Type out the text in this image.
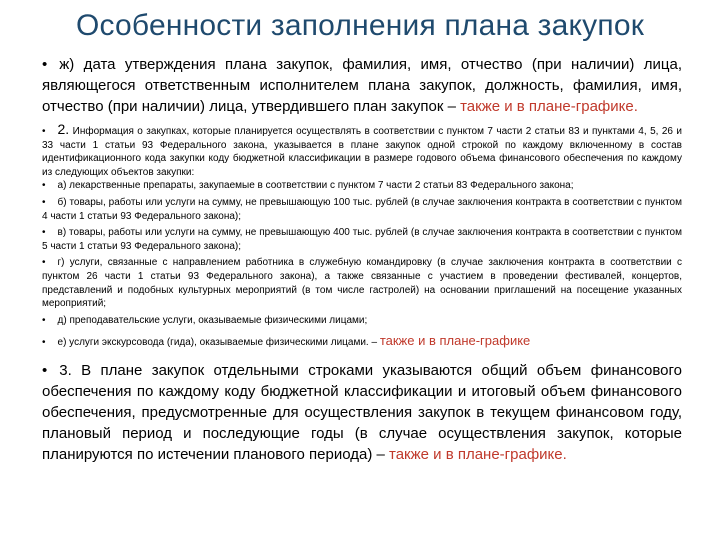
Особенности заполнения плана закупок
• ж) дата утверждения плана закупок, фамилия, имя, отчество (при наличии) лица, являющегося ответственным исполнителем плана закупок, должность, фамилия, имя, отчество (при наличии) лица, утвердившего план закупок – также и в плане-графике.
• 2. Информация о закупках, которые планируется осуществлять в соответствии с пунктом 7 части 2 статьи 83 и пунктами 4, 5, 26 и 33 части 1 статьи 93 Федерального закона, указывается в плане закупок одной строкой по каждому включенному в состав идентификационного кода закупки коду бюджетной классификации в размере годового объема финансового обеспечения по каждому из следующих объектов закупки:
• а) лекарственные препараты, закупаемые в соответствии с пунктом 7 части 2 статьи 83 Федерального закона;
• б) товары, работы или услуги на сумму, не превышающую 100 тыс. рублей (в случае заключения контракта в соответствии с пунктом 4 части 1 статьи 93 Федерального закона);
• в) товары, работы или услуги на сумму, не превышающую 400 тыс. рублей (в случае заключения контракта в соответствии с пунктом 5 части 1 статьи 93 Федерального закона);
• г) услуги, связанные с направлением работника в служебную командировку (в случае заключения контракта в соответствии с пунктом 26 части 1 статьи 93 Федерального закона), а также связанные с участием в проведении фестивалей, концертов, представлений и подобных культурных мероприятий (в том числе гастролей) на основании приглашений на посещение указанных мероприятий;
• д) преподавательские услуги, оказываемые физическими лицами;
• е) услуги экскурсовода (гида), оказываемые физическими лицами. – также и в плане-графике
• 3. В плане закупок отдельными строками указываются общий объем финансового обеспечения по каждому коду бюджетной классификации и итоговый объем финансового обеспечения, предусмотренные для осуществления закупок в текущем финансовом году, плановый период и последующие годы (в случае осуществления закупок, которые планируются по истечении планового периода) – также и в плане-графике.
